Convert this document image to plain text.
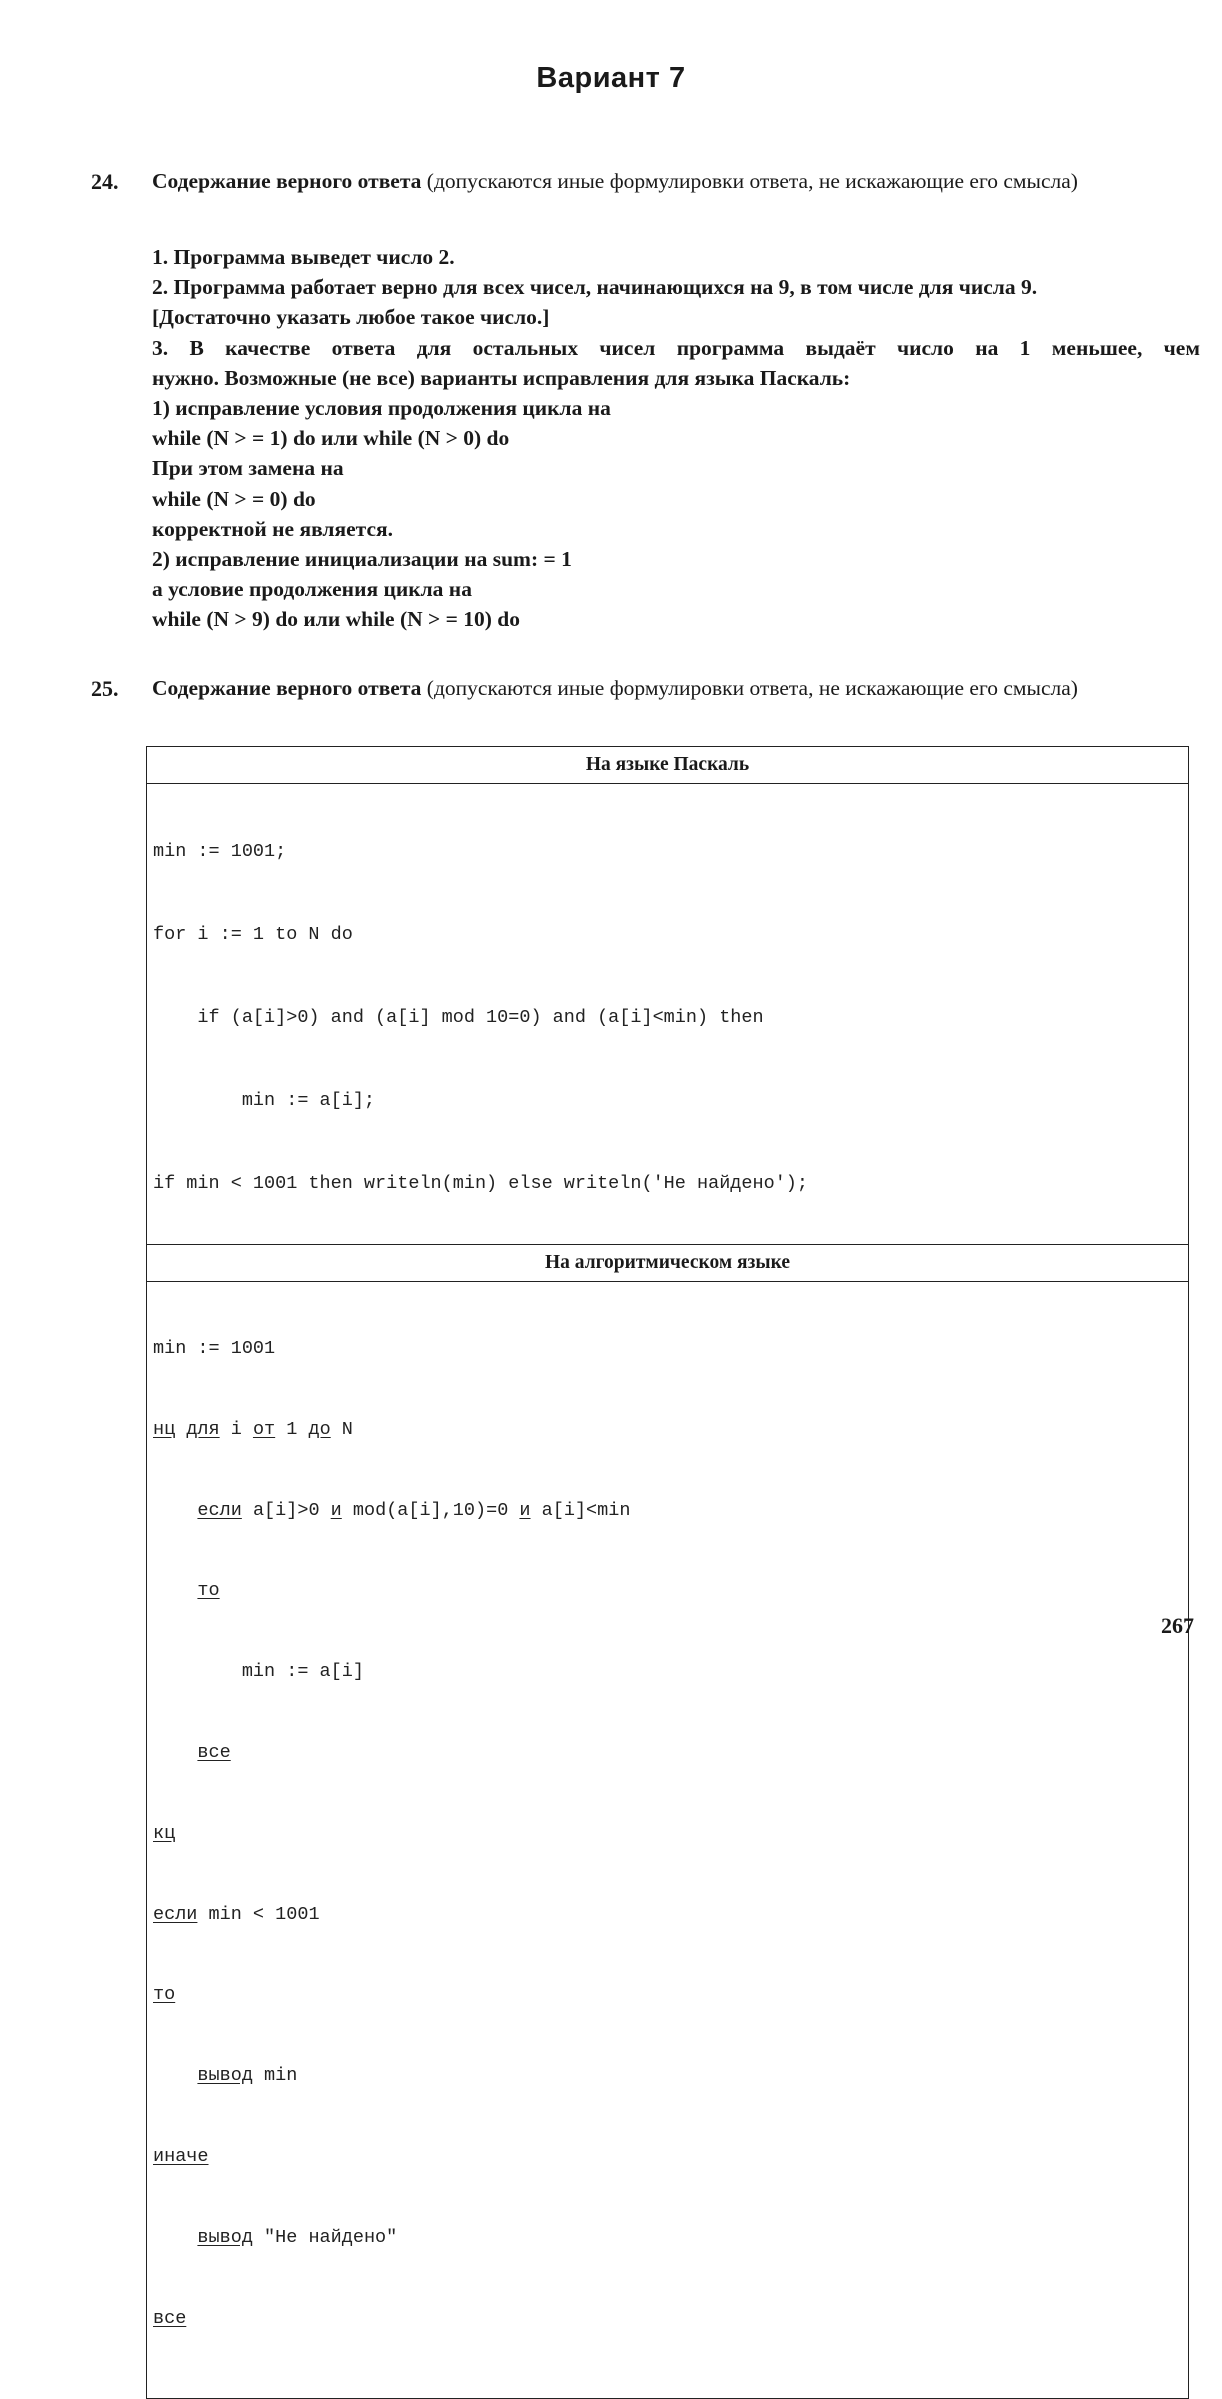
Вариант 7
24. Содержание верного ответа (допускаются иные формулировки ответа, не искажающие его смысла)
1. Программа выведет число 2.
2. Программа работает верно для всех чисел, начинающихся на 9, в том числе для числа 9.
[Достаточно указать любое такое число.]
3. В качестве ответа для остальных чисел программа выдаёт число на 1 меньшее, чем
нужно. Возможные (не все) варианты исправления для языка Паскаль:
1) исправление условия продолжения цикла на
while (N > = 1) do или while (N > 0) do
При этом замена на
while (N > = 0) do
корректной не является.
2) исправление инициализации на sum: = 1
а условие продолжения цикла на
while (N > 9) do или while (N > = 10) do
25. Содержание верного ответа (допускаются иные формулировки ответа, не искажающие его смысла)
На языке Паскаль

min := 1001;

for i := 1 to N do

if (a[i]>0) and (a[i] mod 10=0) and (a[i]<min) then

min := a[i];

if min < 1001 then writeln(min) else writeln('Не найдено');

На алгоритмическом языке

min := 1001

нц для i от 1 до N

если a[i]>0 и mod(a[i],10)=0 и a[i]<min

то

min := a[i]

все

кц

если min < 1001

то

вывод min

иначе

вывод "Не найдено"

все

267
